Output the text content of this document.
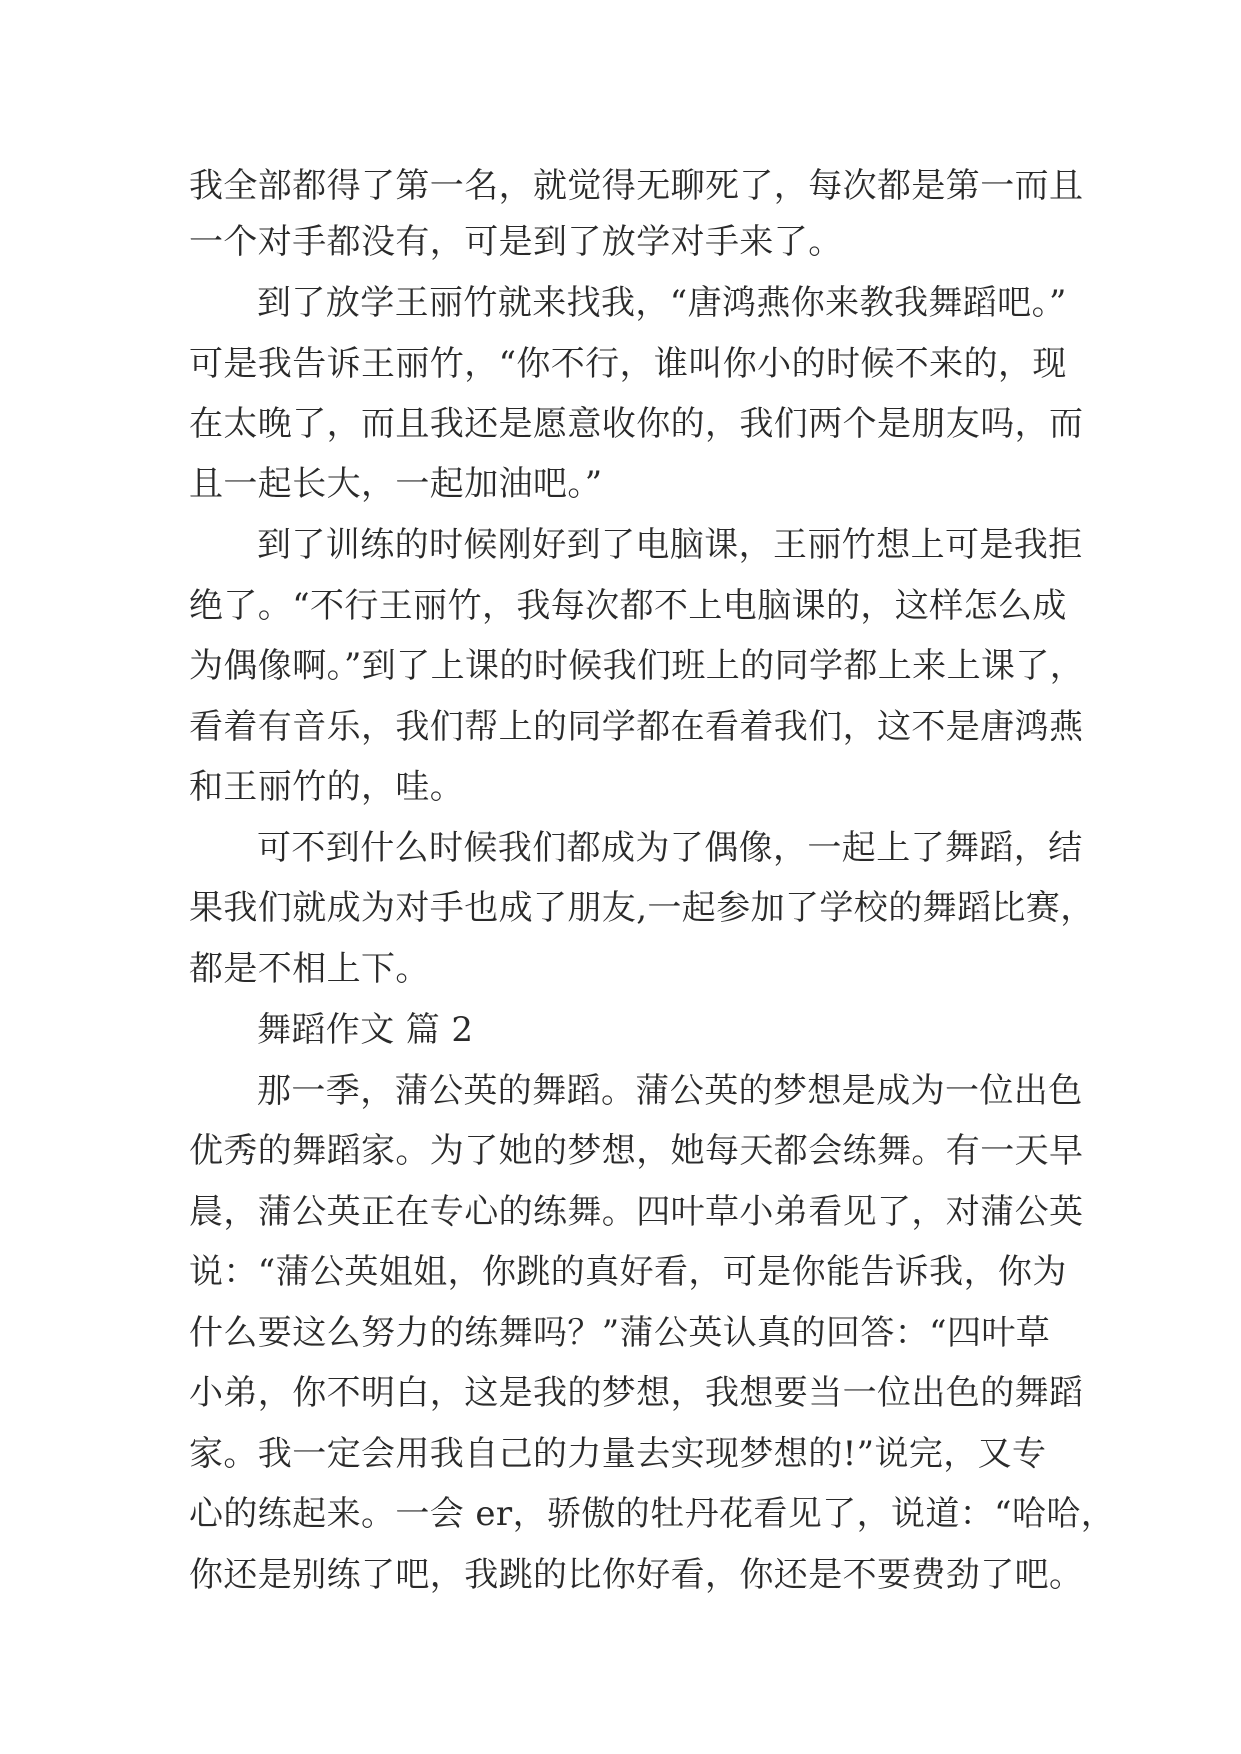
我全部都得了第一名，就觉得无聊死了，每次都是第一而且

一个对手都没有，可是到了放学对手来了。

到了放学王丽竹就来找我，“唐鸿燕你来教我舞蹈吧。”

可是我告诉王丽竹，“你不行，谁叫你小的时候不来的，现

在太晚了，而且我还是愿意收你的，我们两个是朋友吗，而

且一起长大，一起加油吧。”

到了训练的时候刚好到了电脑课，王丽竹想上可是我拒

绝了。“不行王丽竹，我每次都不上电脑课的，这样怎么成

为偶像啊。”到了上课的时候我们班上的同学都上来上课了，

看着有音乐，我们帮上的同学都在看着我们，这不是唐鸿燕

和王丽竹的，哇。

可不到什么时候我们都成为了偶像，一起上了舞蹈，结

果我们就成为对手也成了朋友,一起参加了学校的舞蹈比赛，

都是不相上下。

舞蹈作文 篇 2

那一季，蒲公英的舞蹈。蒲公英的梦想是成为一位出色

优秀的舞蹈家。为了她的梦想，她每天都会练舞。有一天早

晨，蒲公英正在专心的练舞。四叶草小弟看见了，对蒲公英

说：“蒲公英姐姐，你跳的真好看，可是你能告诉我，你为

什么要这么努力的练舞吗？”蒲公英认真的回答：“四叶草

小弟，你不明白，这是我的梦想，我想要当一位出色的舞蹈

家。我一定会用我自己的力量去实现梦想的!”说完，又专

心的练起来。一会 er，骄傲的牡丹花看见了，说道：“哈哈，

你还是别练了吧，我跳的比你好看，你还是不要费劲了吧。
